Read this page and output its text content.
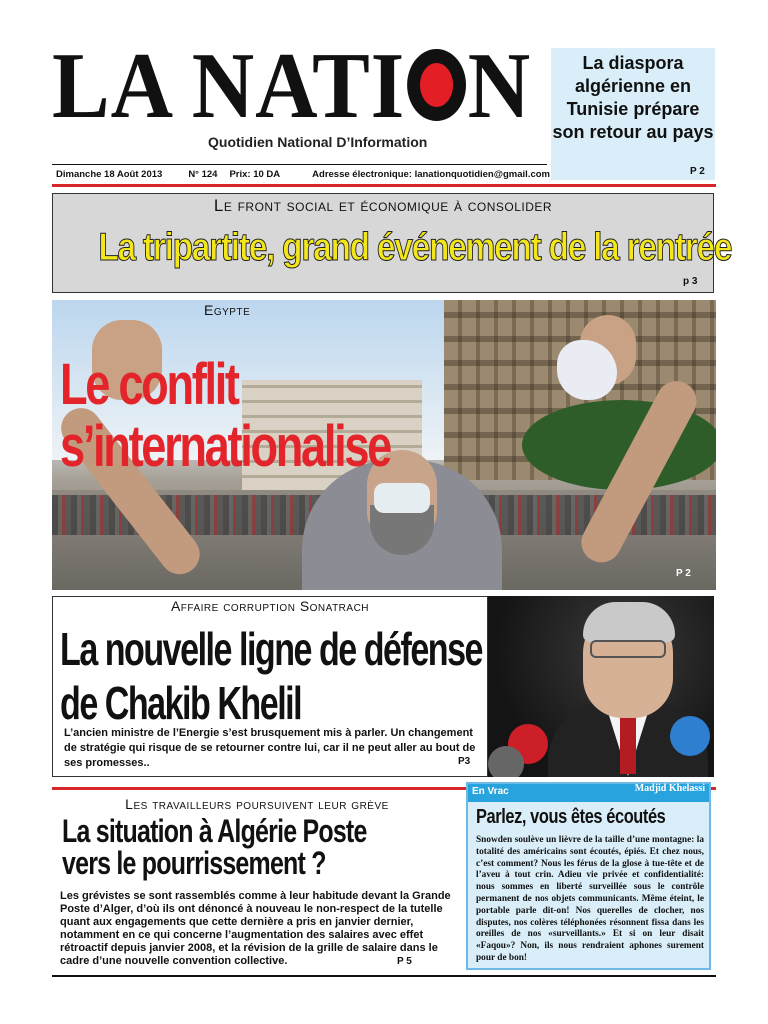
LA NATI N
Quotidien National D’Information
La diaspora algérienne en Tunisie prépare son retour au pays
P 2
Dimanche 18 Août 2013	N° 124 Prix: 10 DA	Adresse électronique: lanationquotidien@gmail.com
Le front social et économique à consolider
La tripartite, grand événement de la rentrée
p 3
Egypte
Le conflit
s’internationalise
P 2
Affaire corruption Sonatrach
La nouvelle ligne de défense
de Chakib Khelil
L’ancien ministre de l’Energie s’est brusquement mis à parler. Un changement de stratégie qui risque de se retourner contre lui, car il ne peut aller au bout de ses promesses..	P3
Les travailleurs poursuivent leur grève
La situation à Algérie Poste
vers le pourrissement ?
Les grévistes se sont rassemblés comme à leur habitude devant la Grande Poste d’Alger, d’où ils ont dénoncé à nouveau le non-respect de la tutelle quant aux engagements que cette dernière a pris en janvier dernier, notamment en ce qui concerne l’augmentation des salaires avec effet rétroactif depuis janvier 2008, et la révision de la grille de salaire dans le cadre d’une nouvelle convention collective.	P 5
En Vrac	Madjid Khelassi
Parlez, vous êtes écoutés
Snowden soulève un lièvre de la taille d’une montagne: la totalité des américains sont écoutés, épiés. Et chez nous, c’est comment? Nous les férus de la glose à tue-tête et de l’aveu à tout crin. Adieu vie privée et confidentialité: nous sommes en liberté surveillée sous le contrôle permanent de nos objets communicants. Même éteint, le portable parle dit-on! Nos querelles de clocher, nos disputes, nos colères téléphonées résonnent fissa dans les oreilles de nos «surveillants.» Et si on leur disait «Faqou»? Non, ils nous rendraient aphones surement pour de bon!
